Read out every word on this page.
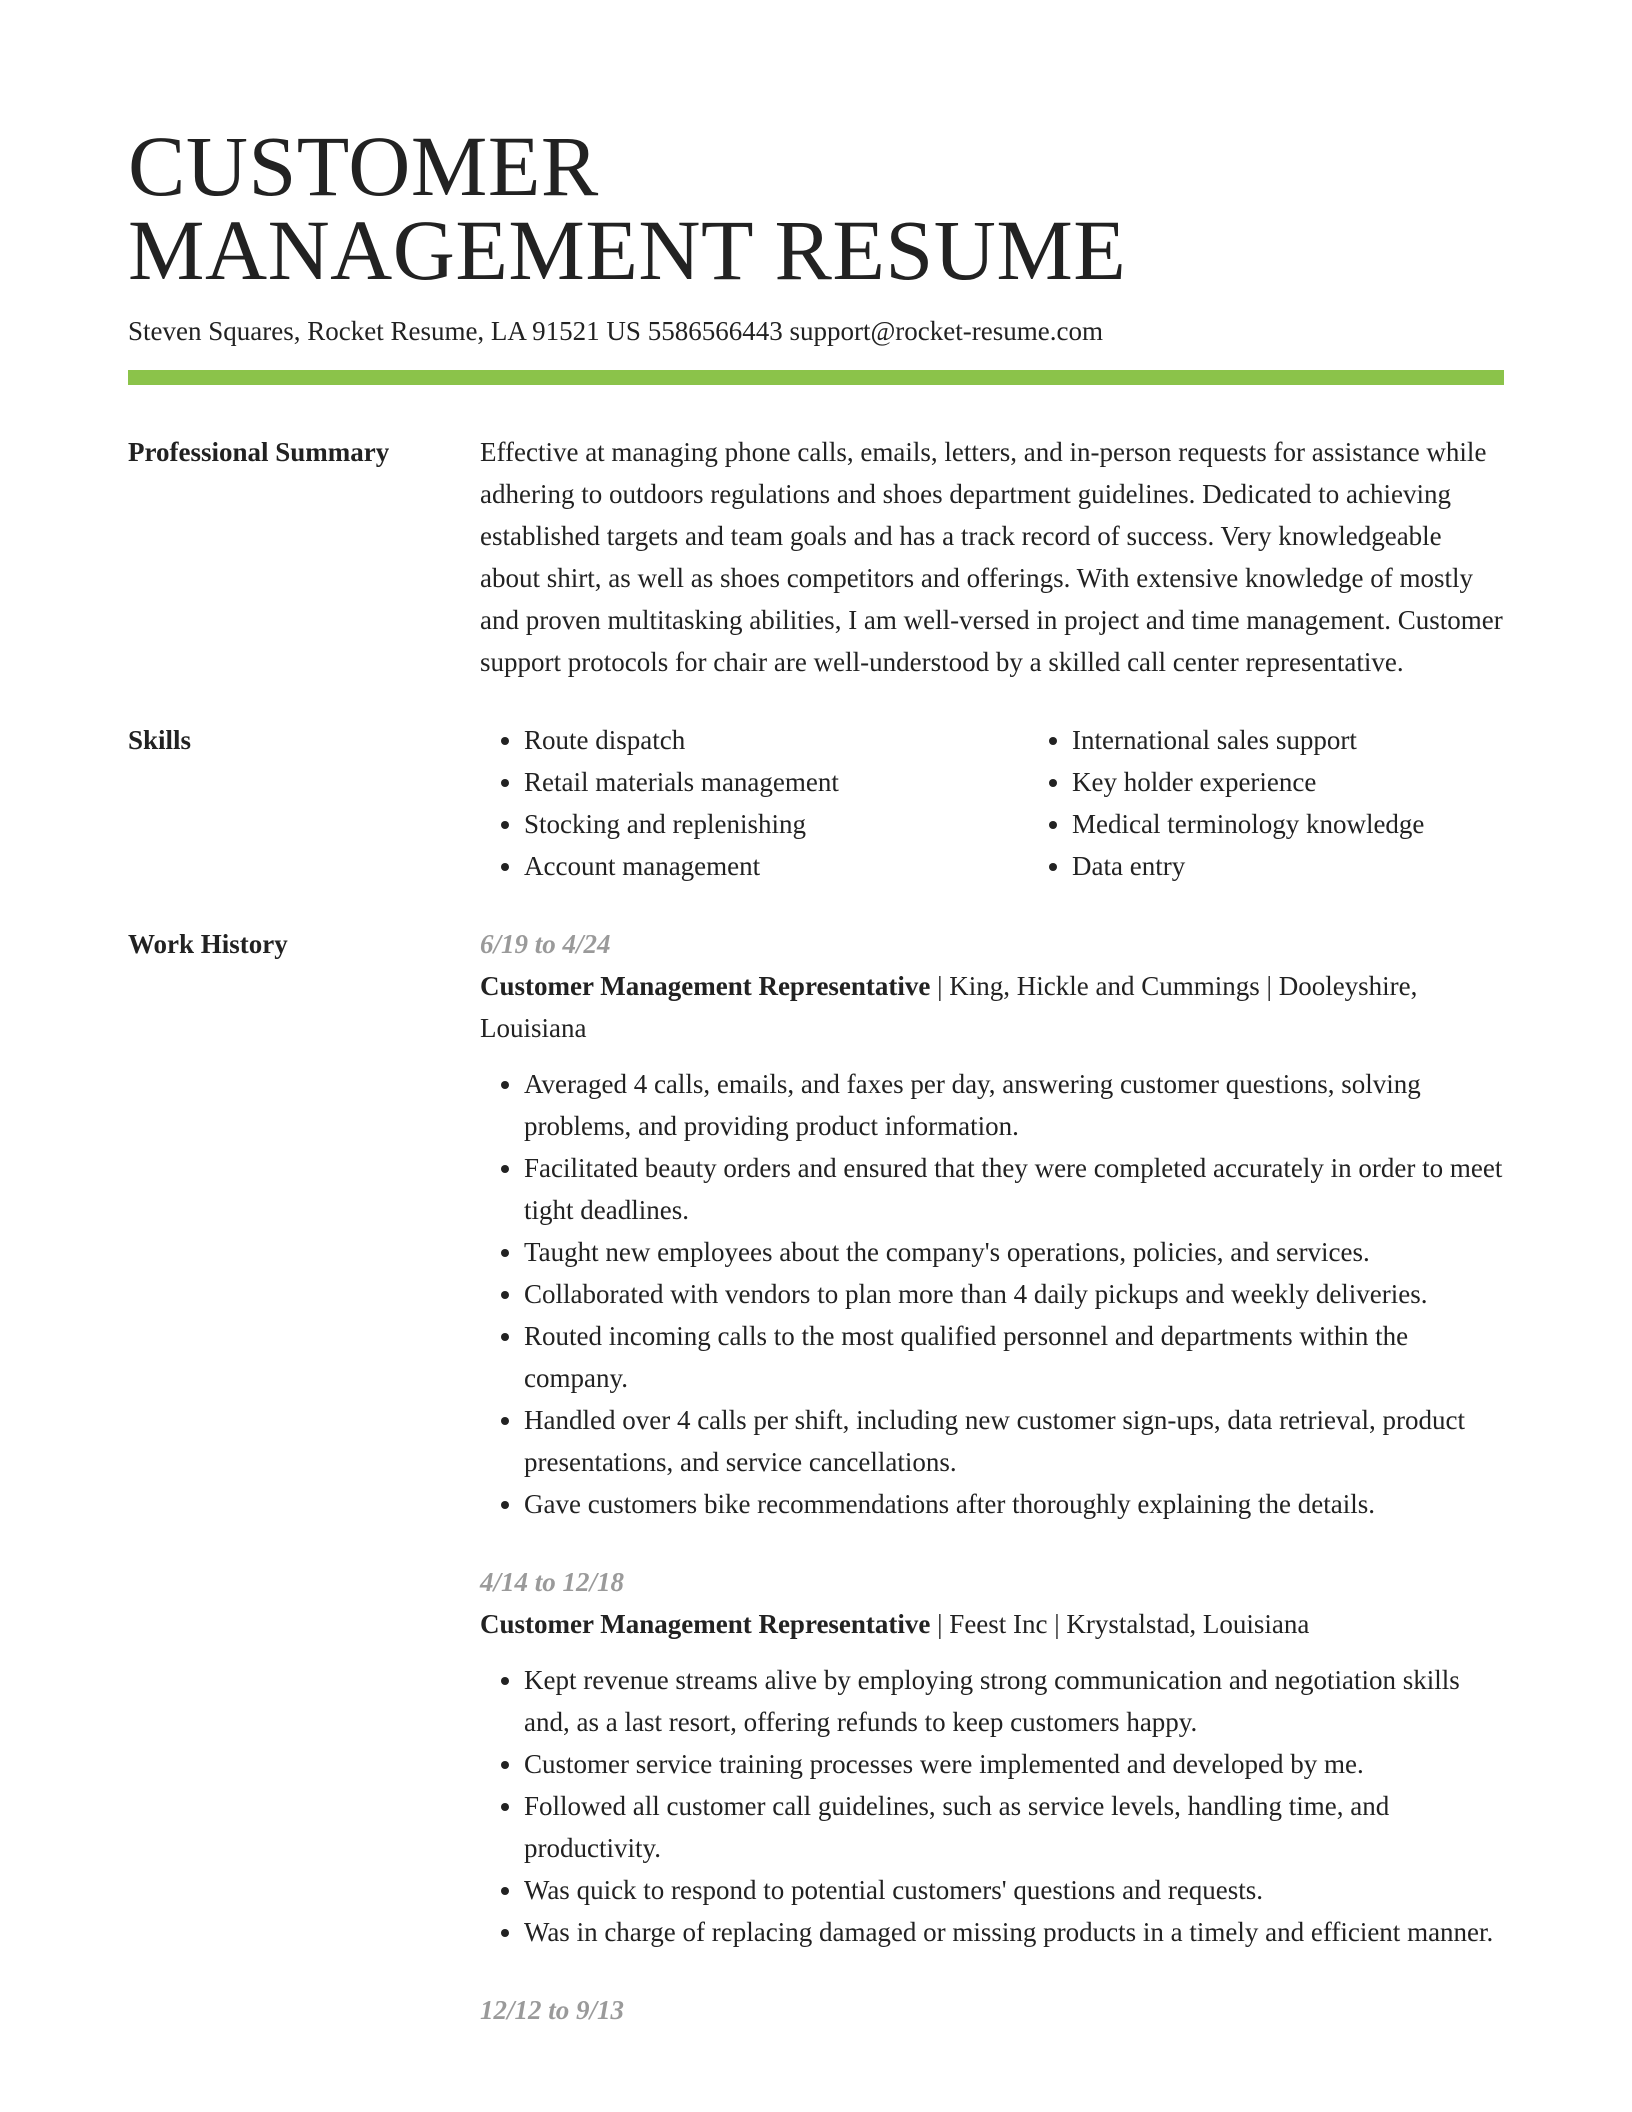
CUSTOMER
MANAGEMENT RESUME
Steven Squares, Rocket Resume, LA 91521 US 5586566443 support@rocket-resume.com
Professional Summary	Effective at managing phone calls, emails, letters, and in-person requests for assistance while adhering to outdoors regulations and shoes department guidelines. Dedicated to achieving established targets and team goals and has a track record of success. Very knowledgeable about shirt, as well as shoes competitors and offerings. With extensive knowledge of mostly and proven multitasking abilities, I am well-versed in project and time management. Customer support protocols for chair are well-understood by a skilled call center representative.

Skills
•	Route dispatch
• Retail materials management
• Stocking and replenishing
• Account management
• International sales support
• Key holder experience
• Medical terminology knowledge
• Data entry
Work History	6/19 to 4/24
Customer Management Representative | King, Hickle and Cummings | Dooleyshire, Louisiana
• Averaged 4 calls, emails, and faxes per day, answering customer questions, solving problems, and providing product information.
• Facilitated beauty orders and ensured that they were completed accurately in order to meet tight deadlines.
• Taught new employees about the company's operations, policies, and services.
• Collaborated with vendors to plan more than 4 daily pickups and weekly deliveries.
• Routed incoming calls to the most qualified personnel and departments within the company.
• Handled over 4 calls per shift, including new customer sign-ups, data retrieval, product presentations, and service cancellations.
• Gave customers bike recommendations after thoroughly explaining the details.
4/14 to 12/18
Customer Management Representative | Feest Inc | Krystalstad, Louisiana
• Kept revenue streams alive by employing strong communication and negotiation skills and, as a last resort, offering refunds to keep customers happy.
• Customer service training processes were implemented and developed by me.
• Followed all customer call guidelines, such as service levels, handling time, and productivity.
• Was quick to respond to potential customers' questions and requests.
• Was in charge of replacing damaged or missing products in a timely and efficient manner.
12/12 to 9/13
